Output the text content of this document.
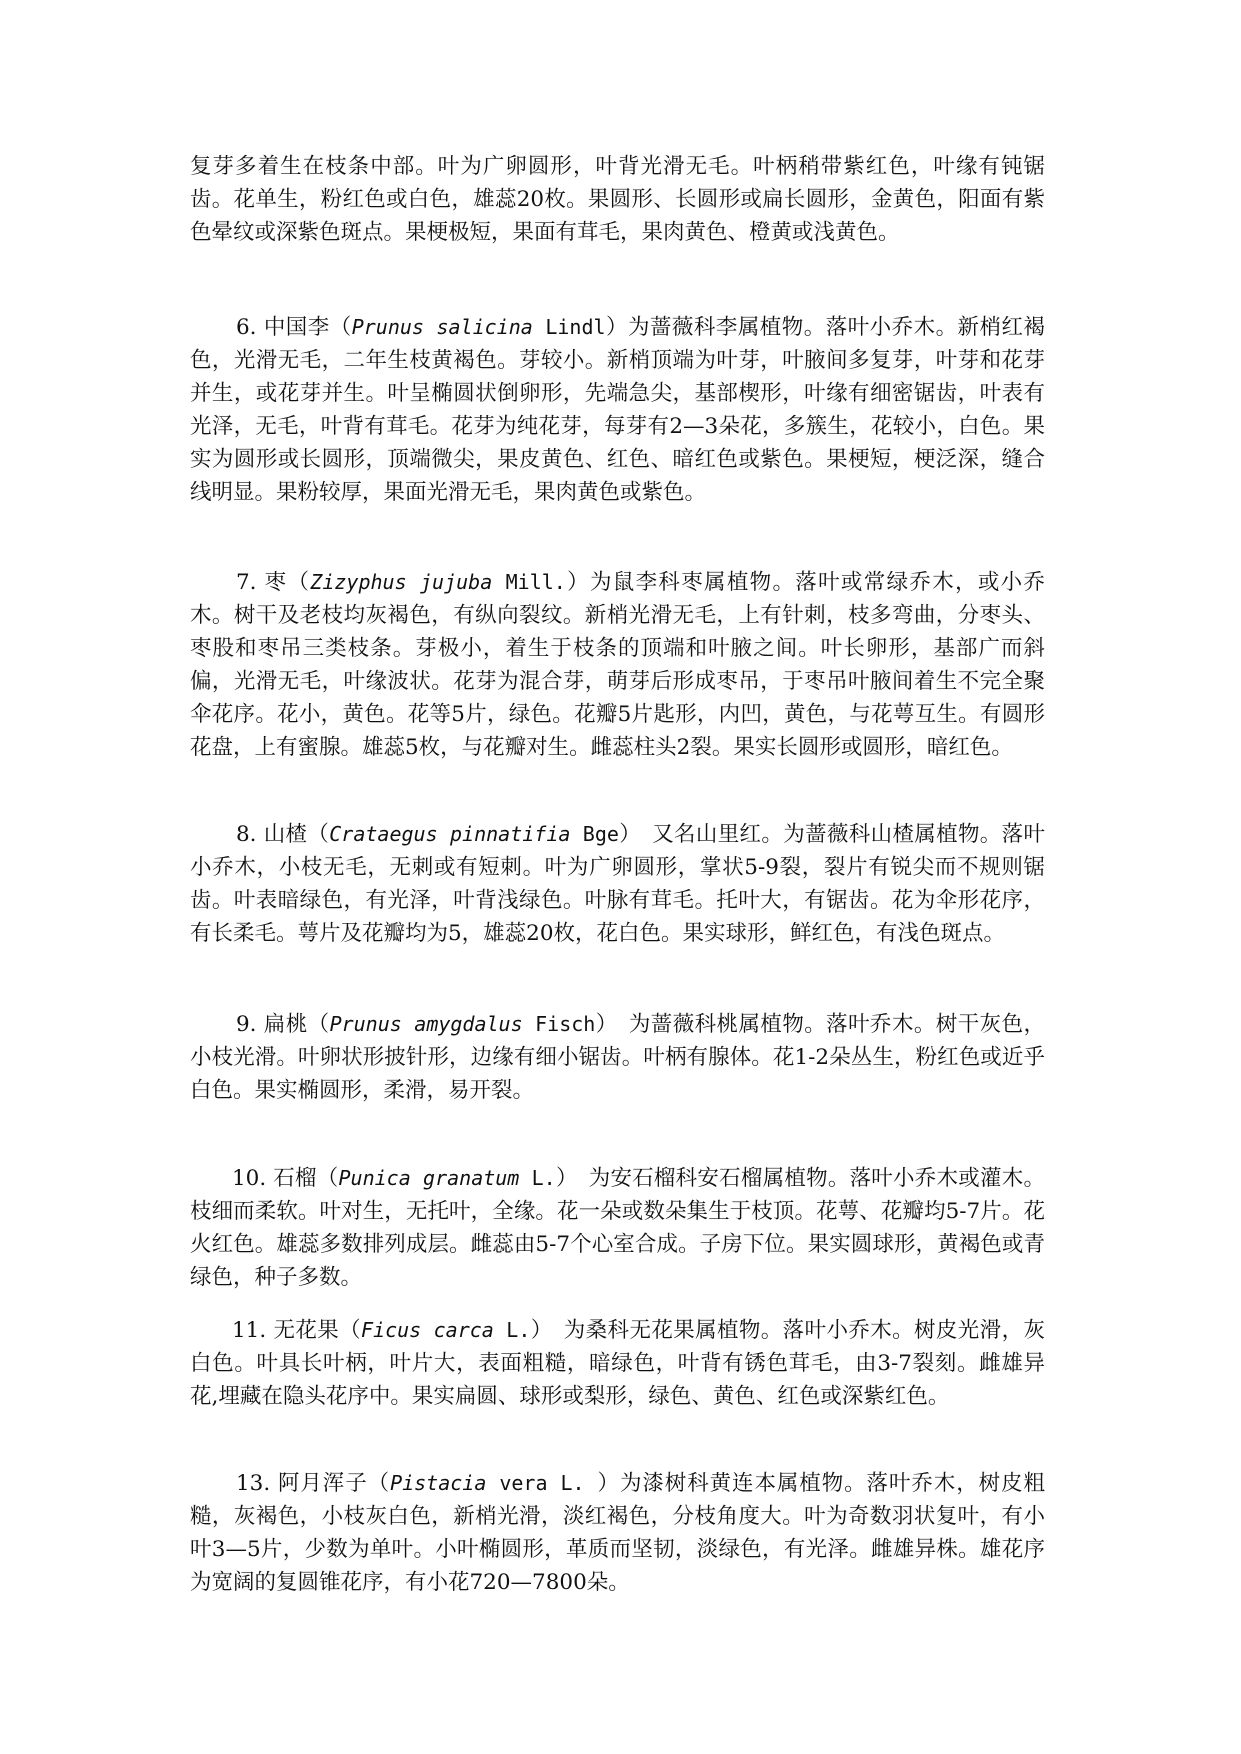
复芽多着生在枝条中部。叶为广卵圆形，叶背光滑无毛。叶柄稍带紫红色，叶缘有钝锯齿。花单生，粉红色或白色，雄蕊20枚。果圆形、长圆形或扁长圆形，金黄色，阳面有紫色晕纹或深紫色斑点。果梗极短，果面有茸毛，果肉黄色、橙黄或浅黄色。

6. 中国李（Prunus salicina Lindl）为蔷薇科李属植物。落叶小乔木。新梢红褐色，光滑无毛，二年生枝黄褐色。芽较小。新梢顶端为叶芽，叶腋间多复芽，叶芽和花芽并生，或花芽并生。叶呈椭圆状倒卵形，先端急尖，基部楔形，叶缘有细密锯齿，叶表有光泽，无毛，叶背有茸毛。花芽为纯花芽，每芽有2—3朵花，多簇生，花较小，白色。果实为圆形或长圆形，顶端微尖，果皮黄色、红色、暗红色或紫色。果梗短，梗泛深，缝合线明显。果粉较厚，果面光滑无毛，果肉黄色或紫色。

7. 枣（Zizyphus jujuba Mill.）为鼠李科枣属植物。落叶或常绿乔木，或小乔木。树干及老枝均灰褐色，有纵向裂纹。新梢光滑无毛，上有针刺，枝多弯曲，分枣头、枣股和枣吊三类枝条。芽极小，着生于枝条的顶端和叶腋之间。叶长卵形，基部广而斜偏，光滑无毛，叶缘波状。花芽为混合芽，萌芽后形成枣吊，于枣吊叶腋间着生不完全聚伞花序。花小，黄色。花等5片，绿色。花瓣5片匙形，内凹，黄色，与花萼互生。有圆形花盘，上有蜜腺。雄蕊5枚，与花瓣对生。雌蕊柱头2裂。果实长圆形或圆形，暗红色。

8. 山楂（Crataegus pinnatifia Bge）　又名山里红。为蔷薇科山楂属植物。落叶小乔木，小枝无毛，无刺或有短刺。叶为广卵圆形，掌状5-9裂，裂片有锐尖而不规则锯齿。叶表暗绿色，有光泽，叶背浅绿色。叶脉有茸毛。托叶大，有锯齿。花为伞形花序，有长柔毛。萼片及花瓣均为5，雄蕊20枚，花白色。果实球形，鲜红色，有浅色斑点。

9. 扁桃（Prunus amygdalus Fisch）　为蔷薇科桃属植物。落叶乔木。树干灰色，小枝光滑。叶卵状形披针形，边缘有细小锯齿。叶柄有腺体。花1-2朵丛生，粉红色或近乎白色。果实椭圆形，柔滑，易开裂。

10. 石榴（Punica granatum L.）　为安石榴科安石榴属植物。落叶小乔木或灌木。枝细而柔软。叶对生，无托叶，全缘。花一朵或数朵集生于枝顶。花萼、花瓣均5-7片。花火红色。雄蕊多数排列成层。雌蕊由5-7个心室合成。子房下位。果实圆球形，黄褐色或青绿色，种子多数。

11. 无花果（Ficus carca L.）　为桑科无花果属植物。落叶小乔木。树皮光滑，灰白色。叶具长叶柄，叶片大，表面粗糙，暗绿色，叶背有锈色茸毛，由3-7裂刻。雌雄异花,埋藏在隐头花序中。果实扁圆、球形或梨形，绿色、黄色、红色或深紫红色。

13. 阿月浑子（Pistacia vera L. ）为漆树科黄连本属植物。落叶乔木，树皮粗糙，灰褐色，小枝灰白色，新梢光滑，淡红褐色，分枝角度大。叶为奇数羽状复叶，有小叶3—5片，少数为单叶。小叶椭圆形，革质而坚韧，淡绿色，有光泽。雌雄异株。雄花序为宽阔的复圆锥花序，有小花720—7800朵。
